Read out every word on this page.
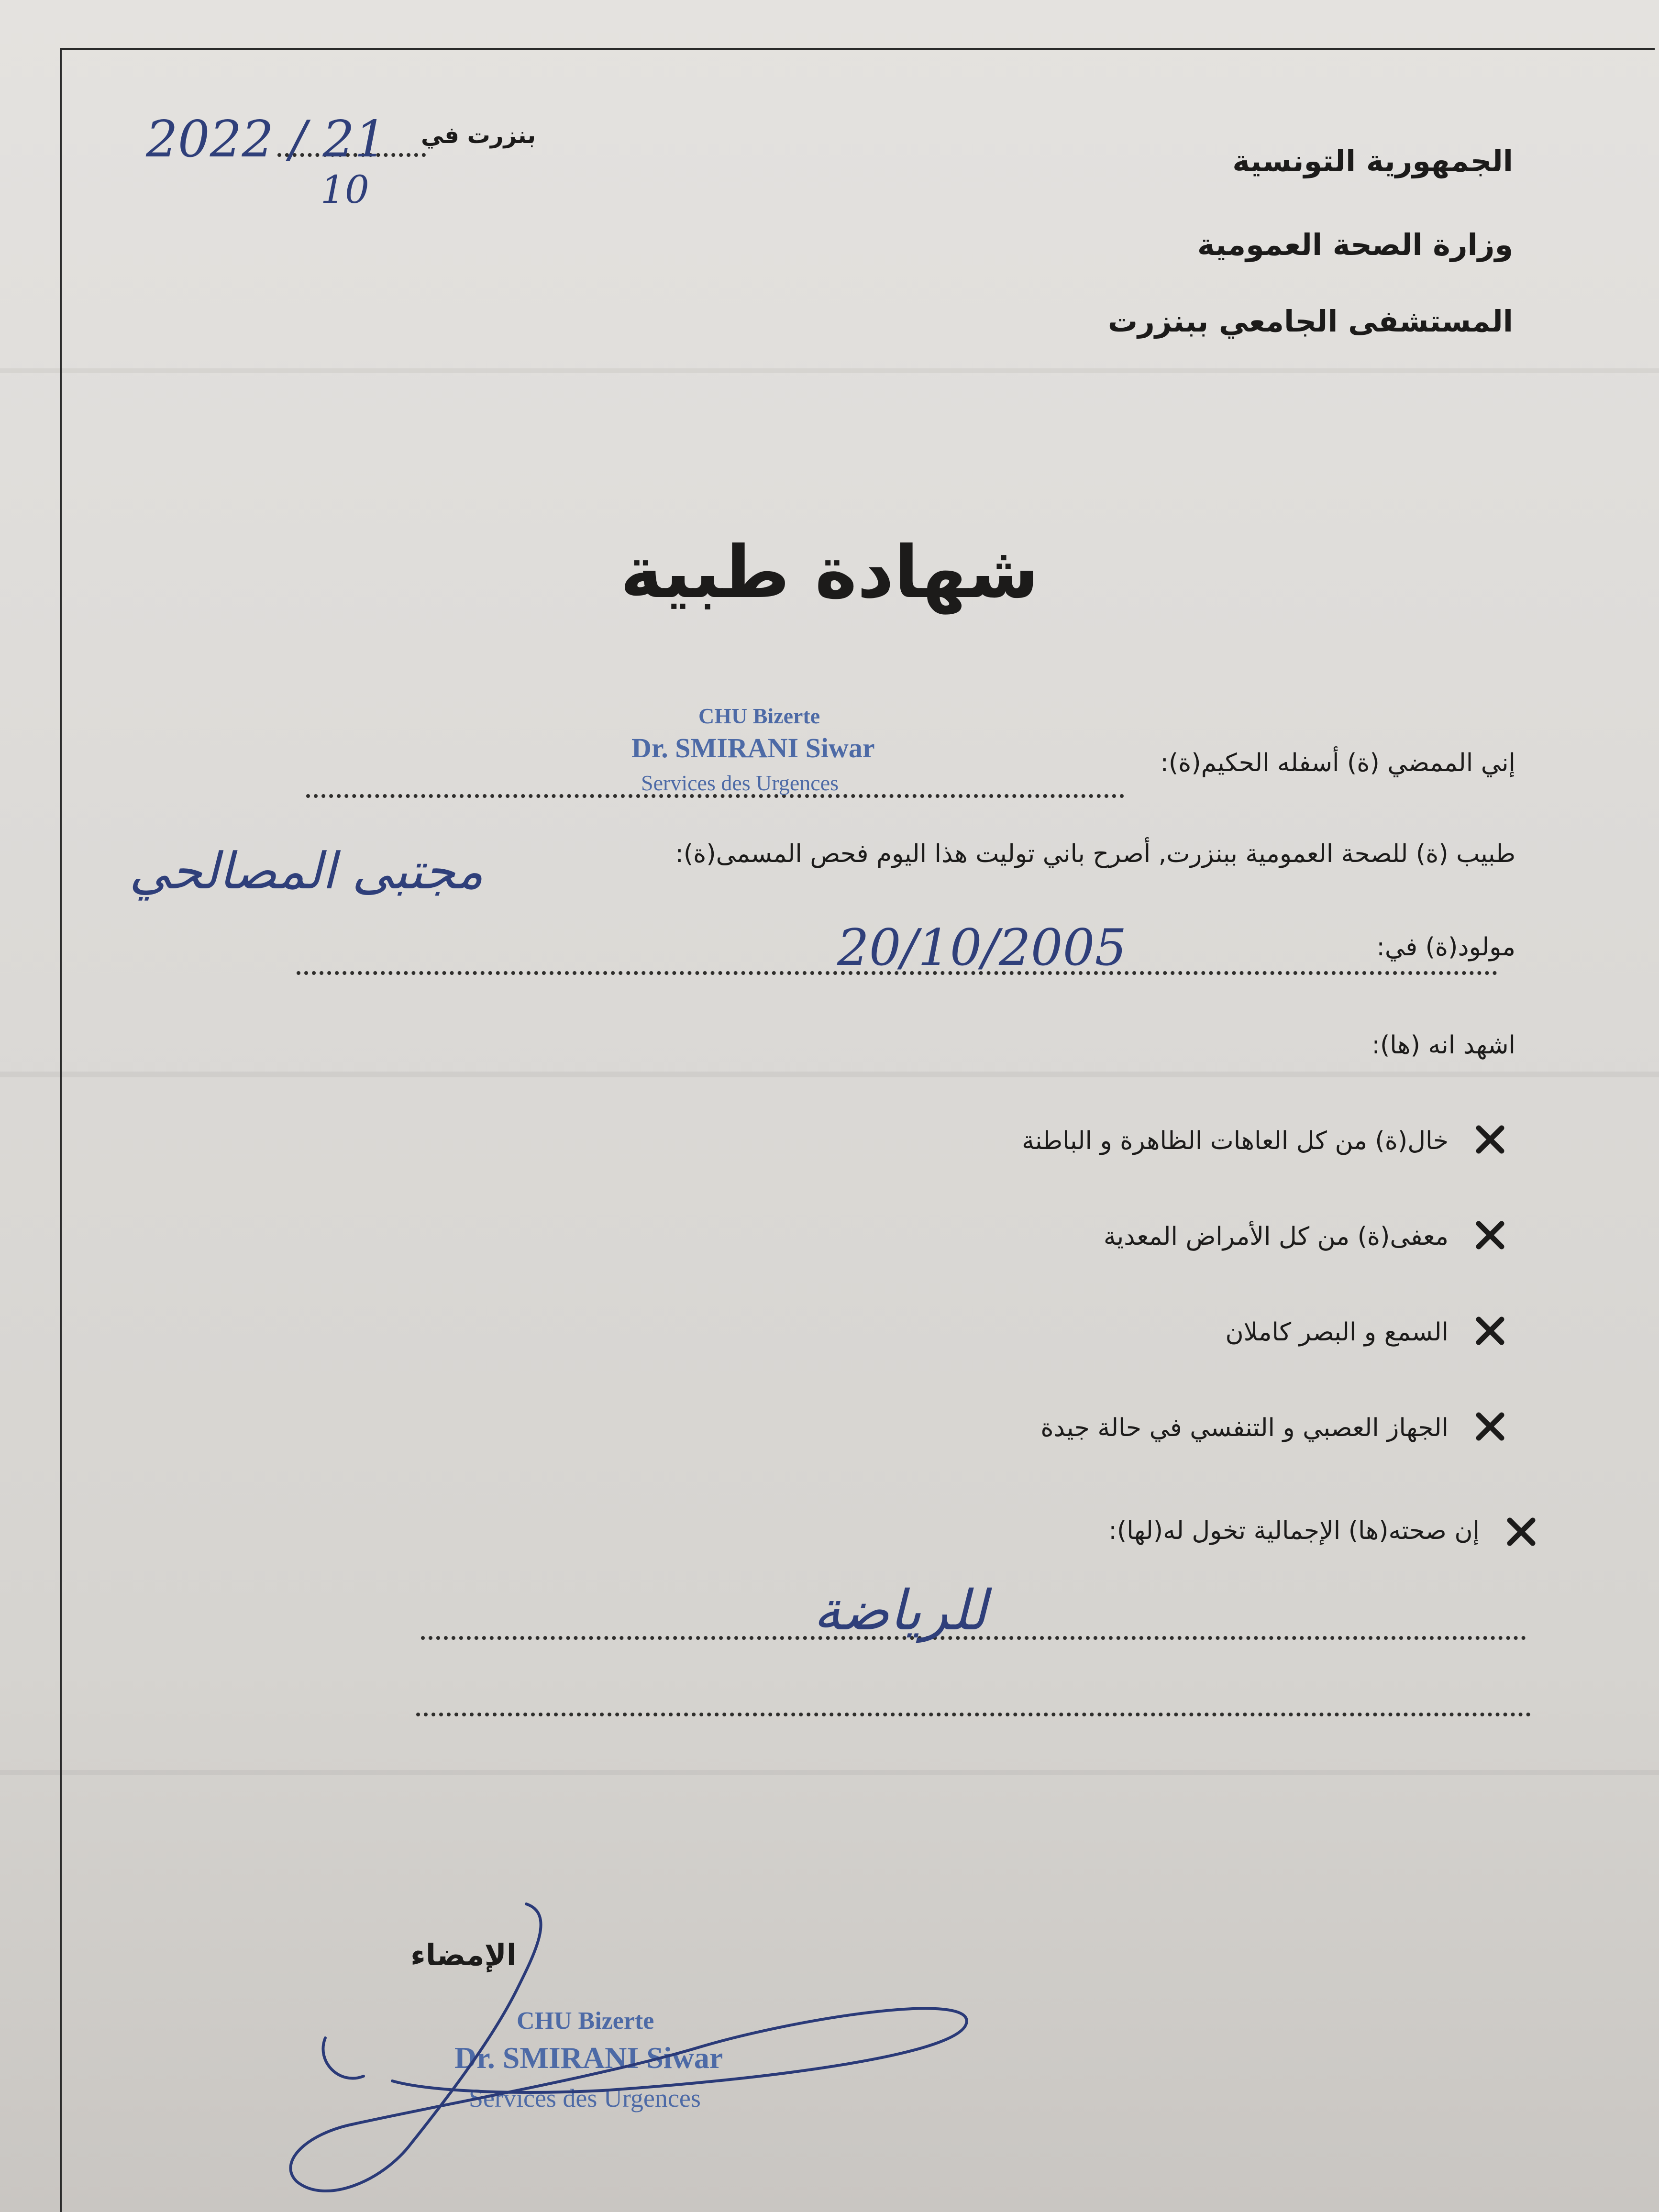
الجمهورية التونسية
وزارة الصحة العمومية
المستشفى الجامعي ببنزرت
بنزرت في
2022 / 21
10
شهادة طبية
إني الممضي (ة) أسفله الحكيم(ة):
CHU Bizerte
Dr. SMIRANI Siwar
Services des Urgences
طبيب (ة) للصحة العمومية ببنزرت, أصرح باني توليت هذا اليوم فحص المسمى(ة):
مجتبى المصالحي
مولود(ة) في:
20/10/2005
اشهد انه (ها):
خال(ة) من كل العاهات الظاهرة و الباطنة
معفى(ة) من كل الأمراض المعدية
السمع و البصر كاملان
الجهاز العصبي و التنفسي في حالة جيدة
إن صحته(ها) الإجمالية تخول له(لها):
للرياضة
الإمضاء
CHU Bizerte
Dr. SMIRANI Siwar
Services des Urgences
